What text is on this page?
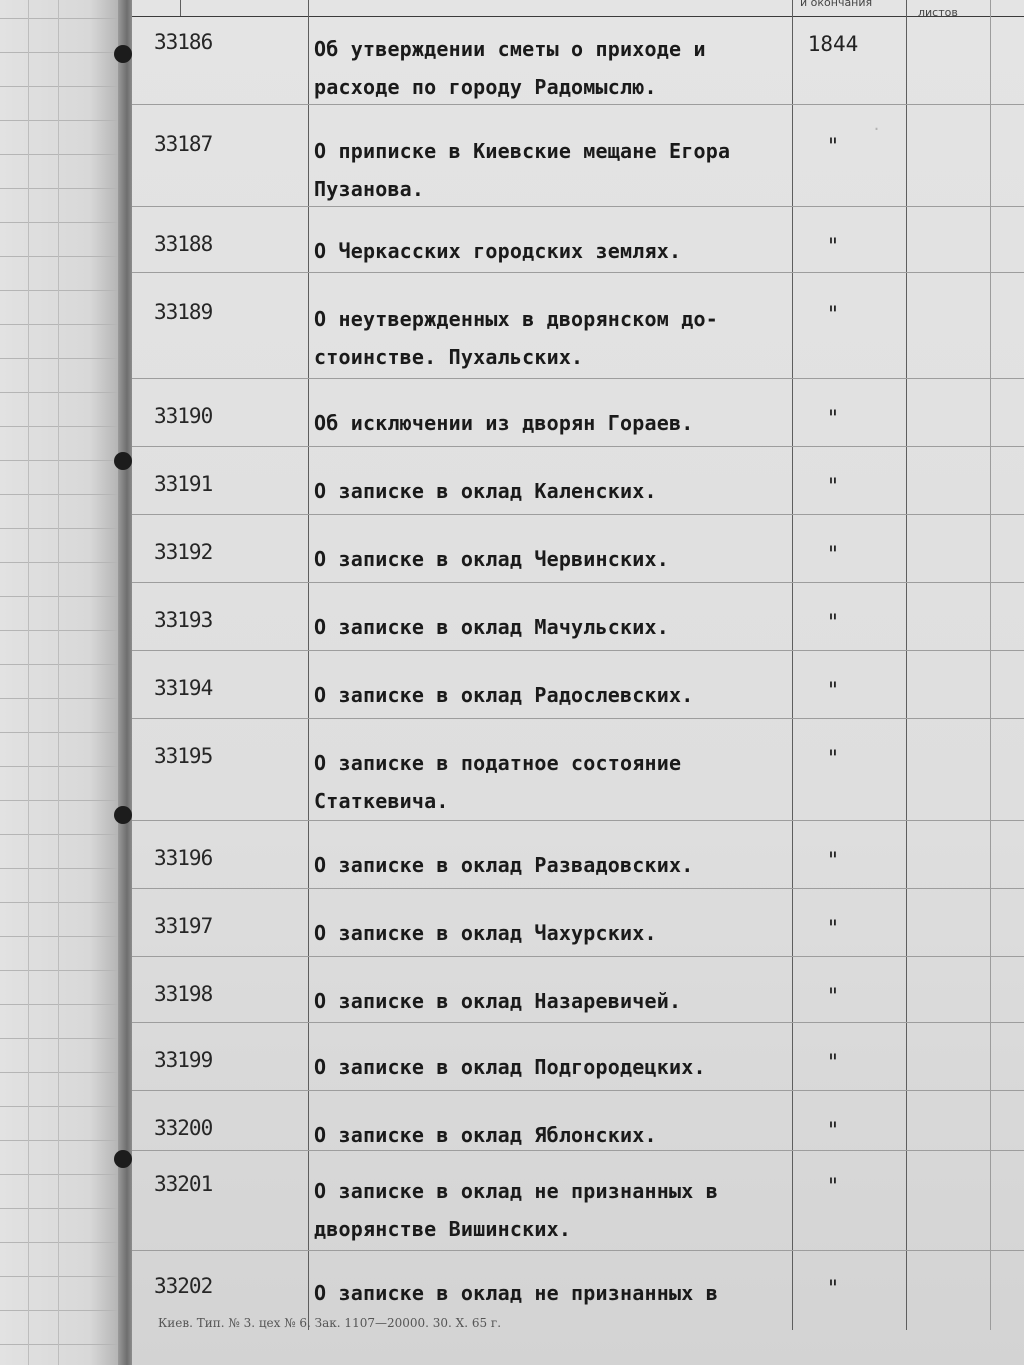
и окончания
листов
·
33186	Об утверждении сметы о приходе и
расходе по городу Радомыслю.
1844
33187	О приписке в Киевские мещане Егора
Пузанова.
"
33188	О Черкасских городских землях.	"
33189	О неутвержденных в дворянском до-
стоинстве. Пухальских.
"
33190	Об исключении из дворян Гораев.	"
33191	О записке в оклад Каленских.	"
33192	О записке в оклад Червинских.	"
33193	О записке в оклад Мачульских.	"
33194	О записке в оклад Радослевских.	"
33195	О записке в податное состояние
Статкевича.
"
33196	О записке в оклад Развадовских.	"
33197	О записке в оклад Чахурских.	"
33198	О записке в оклад Назаревичей.	"
33199	О записке в оклад Подгородецких.	"
33200	О записке в оклад Яблонских.	"
33201	О записке в оклад не признанных в
дворянстве Вишинских.
"
33202	О записке в оклад не признанных в	"
Киев. Тип. № 3. цех № 6. Зак. 1107—20000. 30. X. 65 г.
